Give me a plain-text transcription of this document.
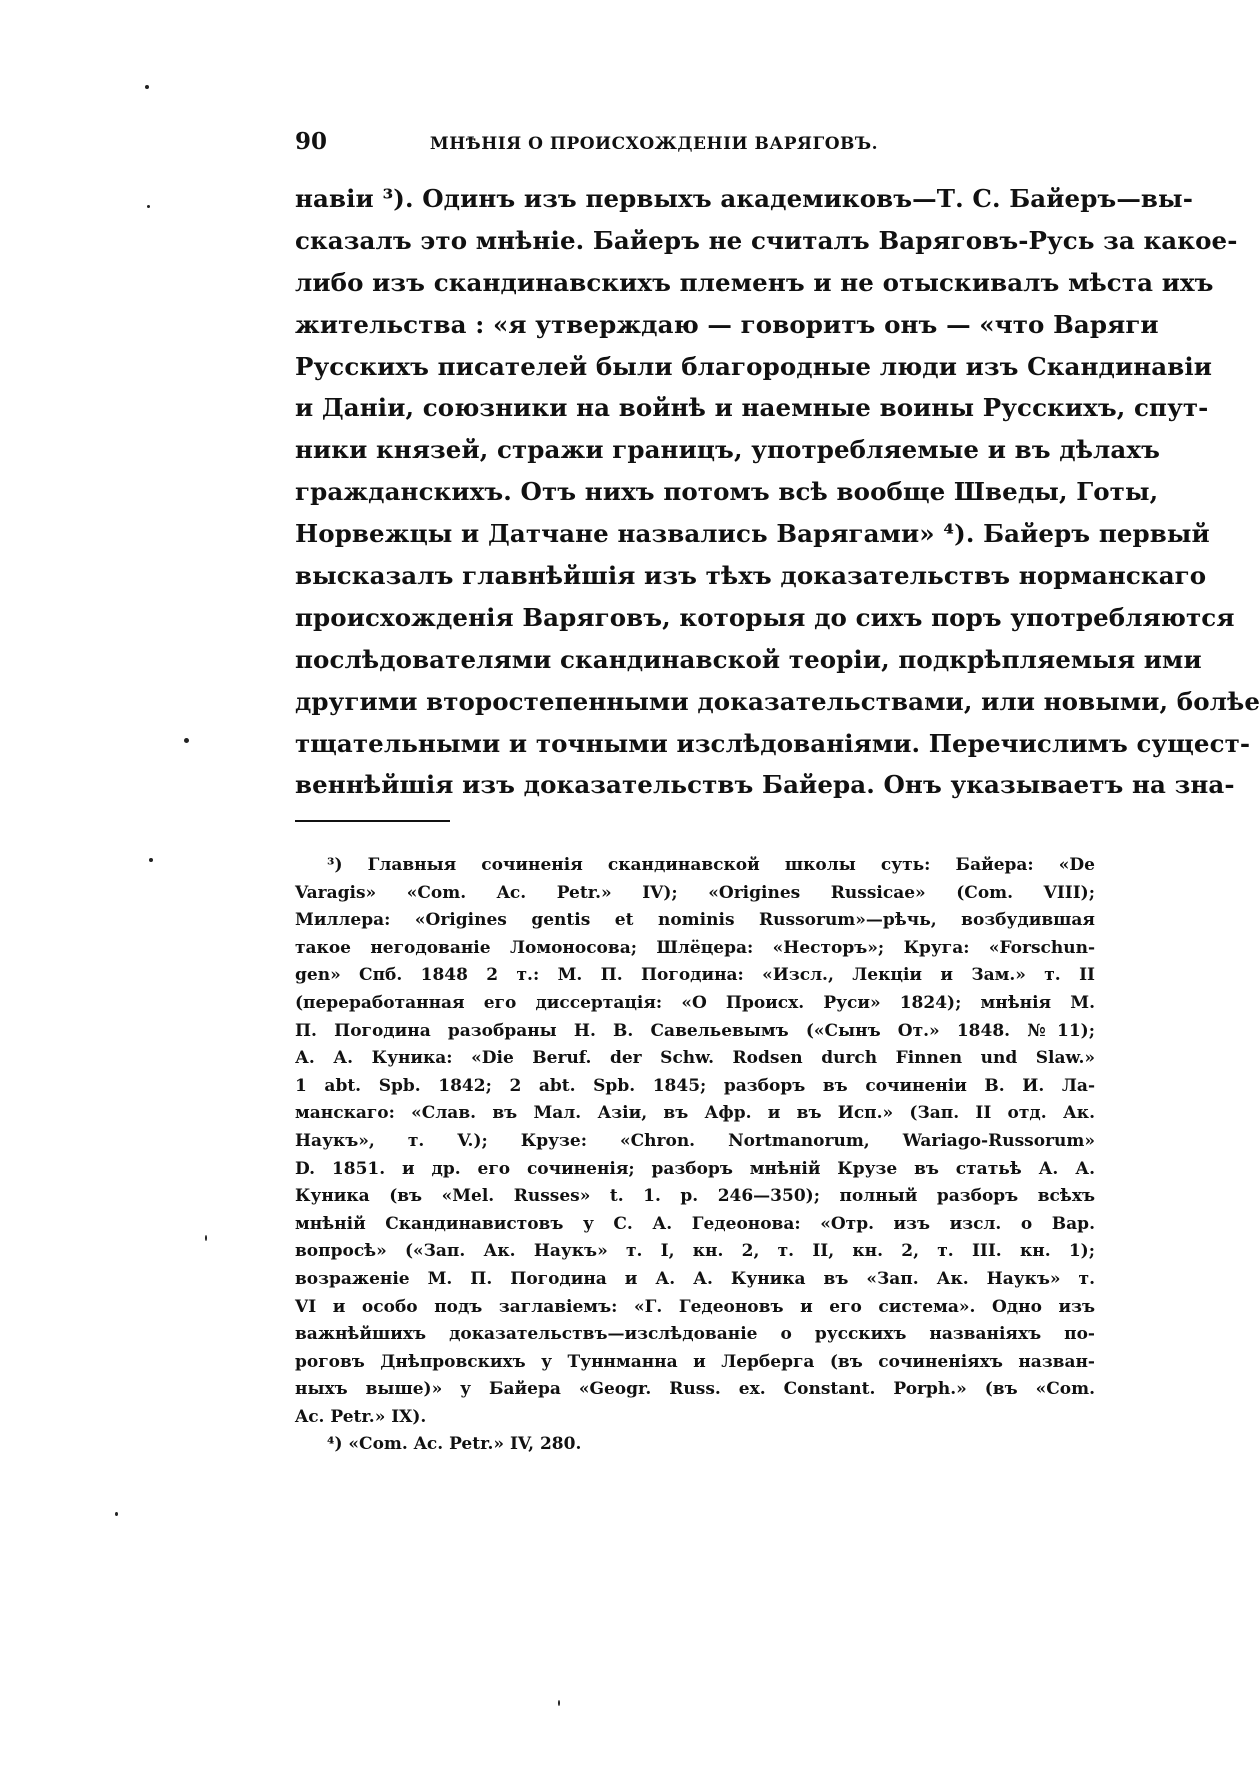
90	МНѢНІЯ О ПРОИСХОЖДЕНІИ ВАРЯГОВЪ.
навіи ³). Одинъ изъ первыхъ академиковъ—Т. С. Байеръ—вы-
сказалъ это мнѣніе. Байеръ не считалъ Варяговъ-Русь за какое-
либо изъ скандинавскихъ племенъ и не отыскивалъ мѣста ихъ
жительства : «я утверждаю — говоритъ онъ — «что Варяги
Русскихъ писателей были благородные люди изъ Скандинавіи
и Даніи, союзники на войнѣ и наемные воины Русскихъ, спут-
ники князей, стражи границъ, употребляемые и въ дѣлахъ
гражданскихъ. Отъ нихъ потомъ всѣ вообще Шведы, Готы,
Норвежцы и Датчане назвались Варягами» ⁴). Байеръ первый
высказалъ главнѣйшія изъ тѣхъ доказательствъ норманскаго
происхожденія Варяговъ, которыя до сихъ поръ употребляются
послѣдователями скандинавской теоріи, подкрѣпляемыя ими
другими второстепенными доказательствами, или новыми, болѣе
тщательными и точными изслѣдованіями. Перечислимъ сущест-
веннѣйшія изъ доказательствъ Байера. Онъ указываетъ на зна-
³) Главныя сочиненія скандинавской школы суть: Байера: «De
Varagis» «Com. Ac. Petr.» IV); «Origines Russicae» (Com. VIII);
Миллера: «Origines gentis et nominis Russorum»—рѣчь, возбудившая
такое негодованіе Ломоносова; Шлёцера: «Несторъ»; Круга: «Forschun-
gen» Спб. 1848 2 т.: М. П. Погодина: «Изсл., Лекціи и Зам.» т. II
(переработанная его диссертація: «О Происх. Руси» 1824); мнѣнія М.
П. Погодина разобраны Н. В. Савельевымъ («Сынъ От.» 1848. №11);
А. А. Куника: «Die Beruf. der Schw. Rodsen durch Finnen und Slaw.»
1 abt. Spb. 1842; 2 abt. Spb. 1845; разборъ въ сочиненіи В. И. Ла-
манскаго: «Слав. въ Мал. Азіи, въ Афр. и въ Исп.» (Зап. II отд. Ак.
Наукъ», т. V.); Крузе: «Chron. Nortmanorum, Wariago-Russorum»
D. 1851. и др. его сочиненія; разборъ мнѣній Крузе въ статьѣ А. А.
Куника (въ «Mel. Russes» t. 1. p. 246—350); полный разборъ всѣхъ
мнѣній Скандинавистовъ у С. А. Гедеонова: «Отр. изъ изсл. о Вар.
вопросѣ» («Зап. Ак. Наукъ» т. I, кн. 2, т. II, кн. 2, т. III. кн. 1);
возраженіе М. П. Погодина и А. А. Куника въ «Зап. Ак. Наукъ» т.
VI и особо подъ заглавіемъ: «Г. Гедеоновъ и его система». Одно изъ
важнѣйшихъ доказательствъ—изслѣдованіе о русскихъ названіяхъ по-
роговъ Днѣпровскихъ у Туннманна и Лерберга (въ сочиненіяхъ назван-
ныхъ выше)» у Байера «Geogr. Russ. ex. Constant. Porph.» (въ «Com.
Ac. Petr.» IX).
⁴) «Com. Ac. Petr.» IV, 280.
